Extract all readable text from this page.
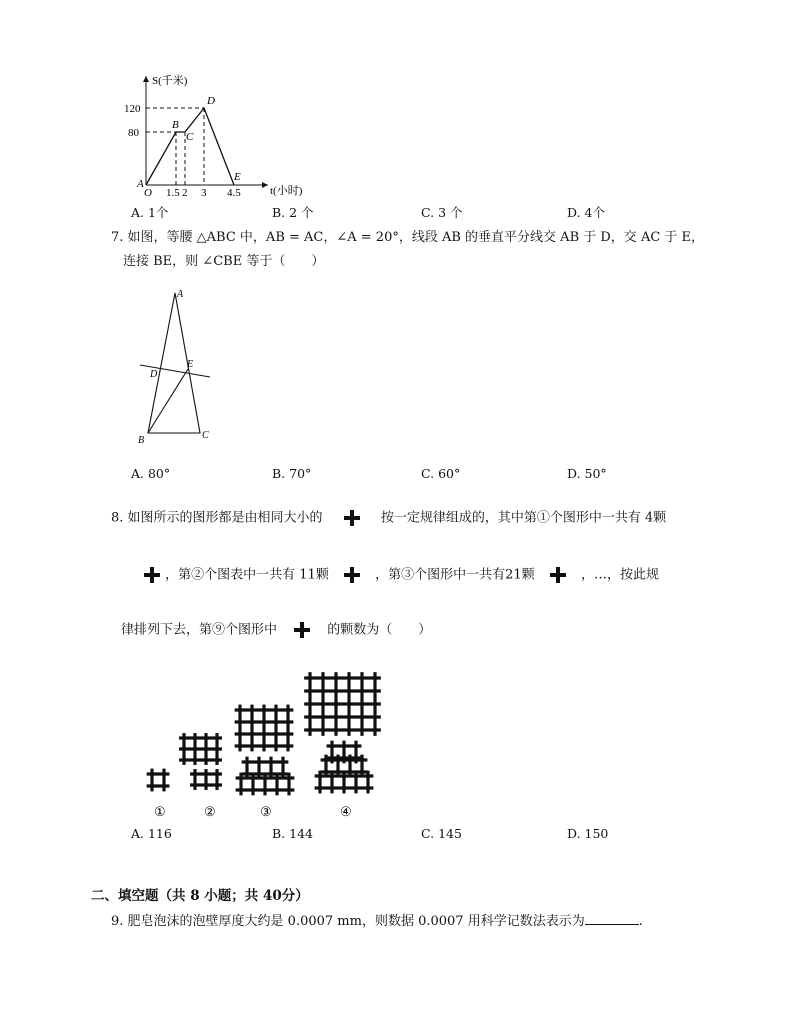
S(千米)
t(小时)
120
80
1.5 2 3 4.5
O
A
B
C
D
E
A. 1个	B. 2 个	C. 3 个	D. 4个
7. 如图，等腰 △ABC 中，AB = AC，∠A = 20°，线段 AB 的垂直平分线交 AB 于 D，交 AC 于 E，
连接 BE，则 ∠CBE 等于（　　）
A
D
E
B	C
A. 80°	B. 70°	C. 60°	D. 50°
8. 如图所示的图形都是由相同大小的	按一定规律组成的，其中第①个图形中一共有 4颗
，第②个图表中一共有 11颗	，第③个图形中一共有21颗	，…，按此规
律排列下去，第⑨个图形中	的颗数为（　　）
①	②	③	④
A. 116	B. 144	C. 145	D. 150
二、填空题（共 8 小题；共 40分）
9. 肥皂泡沫的泡壁厚度大约是 0.0007 mm，则数据 0.0007 用科学记数法表示为	.
